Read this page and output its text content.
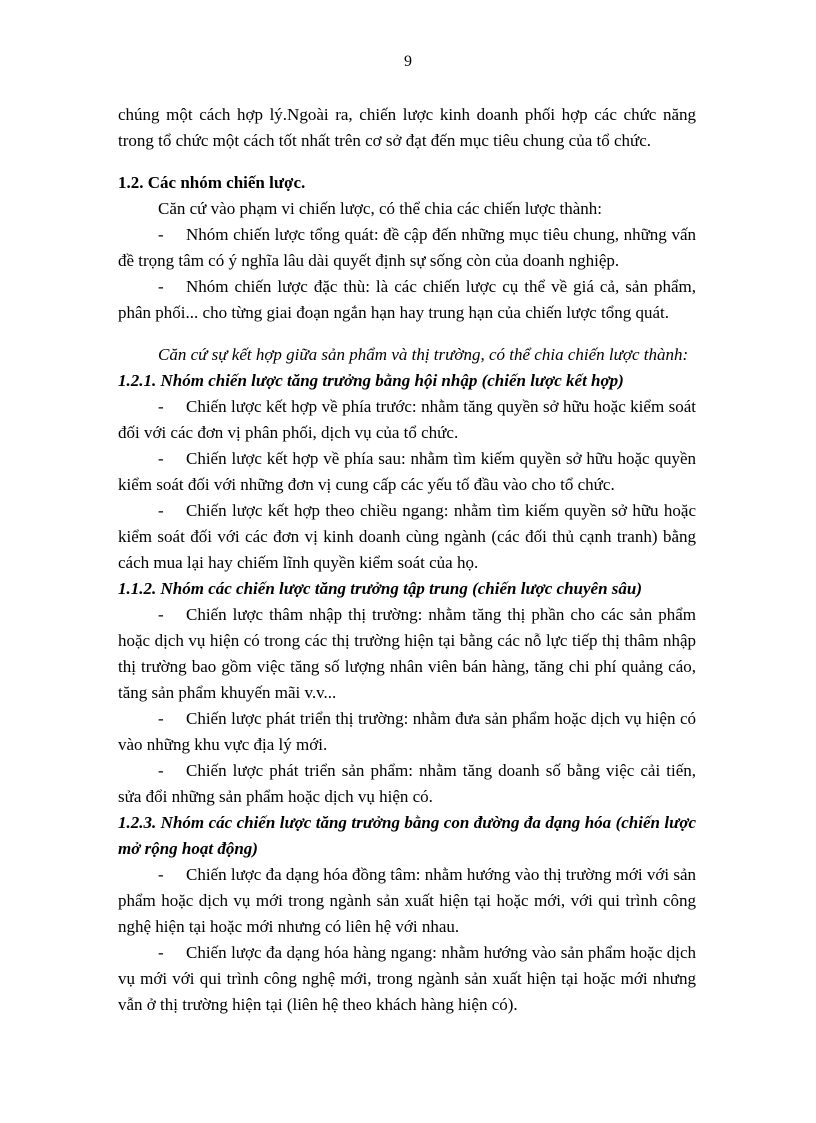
9

chúng một cách hợp lý.Ngoài ra, chiến lược kinh doanh phối hợp các chức năng trong tổ chức một cách tốt nhất trên cơ sở đạt đến mục tiêu chung của tổ chức.

1.2. Các nhóm chiến lược.

Căn cứ vào phạm vi chiến lược, có thể chia các chiến lược thành:

- Nhóm chiến lược tổng quát: đề cập đến những mục tiêu chung, những vấn đề trọng tâm có ý nghĩa lâu dài quyết định sự sống còn của doanh nghiệp.

- Nhóm chiến lược đặc thù: là các chiến lược cụ thể về giá cả, sản phẩm, phân phối... cho từng giai đoạn ngắn hạn hay trung hạn của chiến lược tổng quát.

Căn cứ sự kết hợp giữa sản phẩm và thị trường, có thể chia chiến lược thành:

1.2.1. Nhóm chiến lược tăng trưởng bằng hội nhập (chiến lược kết hợp)

- Chiến lược kết hợp về phía trước: nhằm tăng quyền sở hữu hoặc kiểm soát đối với các đơn vị phân phối, dịch vụ của tổ chức.

- Chiến lược kết hợp về phía sau: nhằm tìm kiếm quyền sở hữu hoặc quyền kiểm soát đối với những đơn vị cung cấp các yếu tố đầu vào cho tổ chức.

- Chiến lược kết hợp theo chiều ngang: nhằm tìm kiếm quyền sở hữu hoặc kiểm soát đối với các đơn vị kinh doanh cùng ngành (các đối thủ cạnh tranh) bằng cách mua lại hay chiếm lĩnh quyền kiểm soát của họ.

1.1.2. Nhóm các chiến lược tăng trưởng tập trung (chiến lược chuyên sâu)

- Chiến lược thâm nhập thị trường: nhằm tăng thị phần cho các sản phẩm hoặc dịch vụ hiện có trong các thị trường hiện tại bằng các nỗ lực tiếp thị thâm nhập thị trường bao gồm việc tăng số lượng nhân viên bán hàng, tăng chi phí quảng cáo, tăng sản phẩm khuyến mãi v.v...

- Chiến lược phát triển thị trường: nhằm đưa sản phẩm hoặc dịch vụ hiện có vào những khu vực địa lý mới.

- Chiến lược phát triển sản phẩm: nhằm tăng doanh số bằng việc cải tiến, sửa đổi những sản phẩm hoặc dịch vụ hiện có.

1.2.3. Nhóm các chiến lược tăng trưởng bằng con đường đa dạng hóa (chiến lược mở rộng hoạt động)

- Chiến lược đa dạng hóa đồng tâm: nhằm hướng vào thị trường mới với sản phẩm hoặc dịch vụ mới trong ngành sản xuất hiện tại hoặc mới, với qui trình công nghệ hiện tại hoặc mới nhưng có liên hệ với nhau.

- Chiến lược đa dạng hóa hàng ngang: nhằm hướng vào sản phẩm hoặc dịch vụ mới với qui trình công nghệ mới, trong ngành sản xuất hiện tại hoặc mới nhưng vẫn ở thị trường hiện tại (liên hệ theo khách hàng hiện có).
